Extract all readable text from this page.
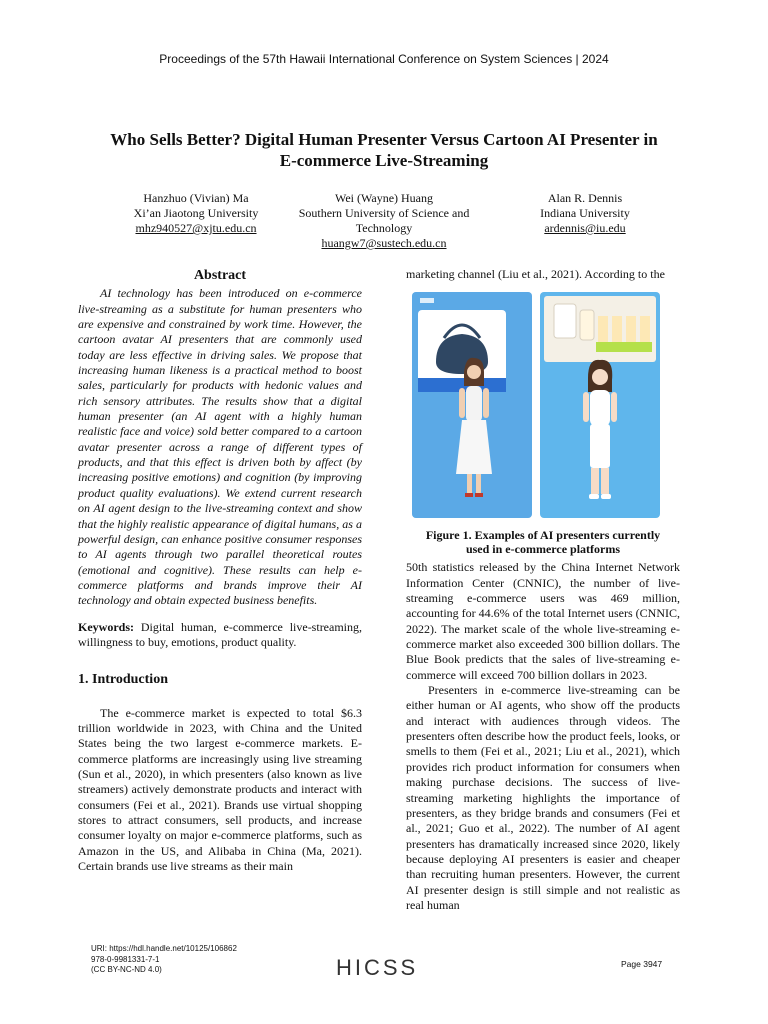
Proceedings of the 57th Hawaii International Conference on System Sciences | 2024
Who Sells Better? Digital Human Presenter Versus Cartoon AI Presenter in
E-commerce Live-Streaming
Hanzhuo (Vivian) Ma
Xi’an Jiaotong University
mhz940527@xjtu.edu.cn
Wei (Wayne) Huang
Southern University of Science and
Technology
huangw7@sustech.edu.cn
Alan R. Dennis
Indiana University
ardennis@iu.edu
Abstract

AI technology has been introduced on e-commerce live-streaming as a substitute for human presenters who are expensive and constrained by work time. However, the cartoon avatar AI presenters that are commonly used today are less effective in driving sales. We propose that increasing human likeness is a practical method to boost sales, particularly for products with hedonic values and rich sensory attributes. The results show that a digital human presenter (an AI agent with a highly human realistic face and voice) sold better compared to a cartoon avatar presenter across a range of different types of products, and that this effect is driven both by affect (by increasing positive emotions) and cognition (by improving product quality evaluations). We extend current research on AI agent design to the live-streaming context and show that the highly realistic appearance of digital humans, as a powerful design, can enhance positive consumer responses to AI agents through two parallel theoretical routes (emotional and cognitive). These results can help e-commerce platforms and brands improve their AI technology and obtain expected business benefits.

Keywords: Digital human, e-commerce live-streaming, willingness to buy, emotions, product quality.

1. Introduction

The e-commerce market is expected to total $6.3 trillion worldwide in 2023, with China and the United States being the two largest e-commerce markets. E-commerce platforms are increasingly using live streaming (Sun et al., 2020), in which presenters (also known as live streamers) actively demonstrate products and interact with consumers (Fei et al., 2021). Brands use virtual shopping stores to attract consumers, sell products, and increase consumer loyalty on major e-commerce platforms, such as Amazon in the US, and Alibaba in China (Ma, 2021). Certain brands use live streams as their main

marketing channel (Liu et al., 2021). According to the

Figure 1. Examples of AI presenters currently
used in e-commerce platforms

50th statistics released by the China Internet Network Information Center (CNNIC), the number of live-streaming e-commerce users was 469 million, accounting for 44.6% of the total Internet users (CNNIC, 2022). The market scale of the whole live-streaming e-commerce market also exceeded 300 billion dollars. The Blue Book predicts that the sales of live-streaming e-commerce will exceed 700 billion dollars in 2023.

Presenters in e-commerce live-streaming can be either human or AI agents, who show off the products and interact with audiences through videos. The presenters often describe how the product feels, looks, or smells to them (Fei et al., 2021; Liu et al., 2021), which provides rich product information for consumers when making purchase decisions. The success of live-streaming marketing highlights the importance of presenters, as they bridge brands and consumers (Fei et al., 2021; Guo et al., 2022). The number of AI agent presenters has dramatically increased since 2020, likely because deploying AI presenters is easier and cheaper than recruiting human presenters. However, the current AI presenter design is still simple and not realistic as real human

URI: https://hdl.handle.net/10125/106862
978-0-9981331-7-1
(CC BY-NC-ND 4.0)	HICSS	Page 3947
